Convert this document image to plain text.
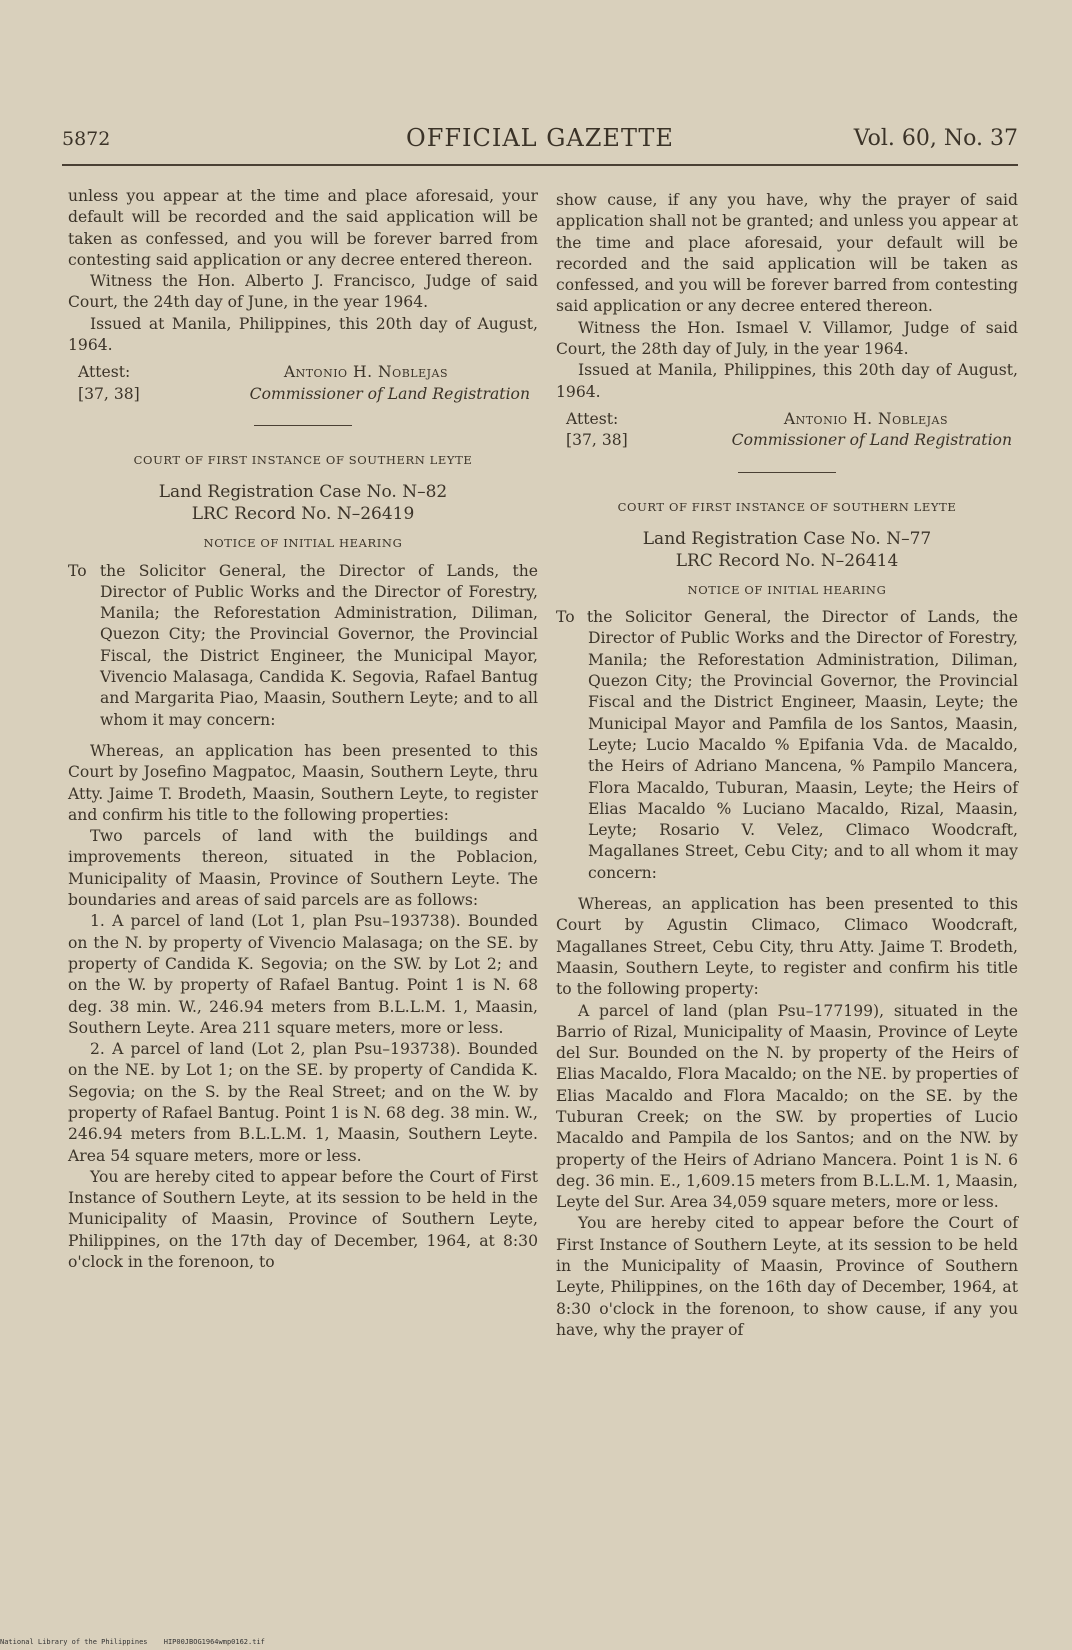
5872	OFFICIAL GAZETTE	Vol. 60, No. 37

unless you appear at the time and place aforesaid, your default will be recorded and the said application will be taken as confessed, and you will be forever barred from contesting said application or any decree entered thereon.

Witness the Hon. Alberto J. Francisco, Judge of said Court, the 24th day of June, in the year 1964.

Issued at Manila, Philippines, this 20th day of August, 1964.

Attest:	Antonio H. Noblejas
[37, 38]	Commissioner of Land Registration
COURT OF FIRST INSTANCE OF SOUTHERN LEYTE
Land Registration Case No. N–82
LRC Record No. N–26419
NOTICE OF INITIAL HEARING

To the Solicitor General, the Director of Lands, the Director of Public Works and the Director of Forestry, Manila; the Reforestation Administration, Diliman, Quezon City; the Provincial Governor, the Provincial Fiscal, the District Engineer, the Municipal Mayor, Vivencio Malasaga, Candida K. Segovia, Rafael Bantug and Margarita Piao, Maasin, Southern Leyte; and to all whom it may concern:

Whereas, an application has been presented to this Court by Josefino Magpatoc, Maasin, Southern Leyte, thru Atty. Jaime T. Brodeth, Maasin, Southern Leyte, to register and confirm his title to the following properties:

Two parcels of land with the buildings and improvements thereon, situated in the Poblacion, Municipality of Maasin, Province of Southern Leyte. The boundaries and areas of said parcels are as follows:

1. A parcel of land (Lot 1, plan Psu–193738). Bounded on the N. by property of Vivencio Malasaga; on the SE. by property of Candida K. Segovia; on the SW. by Lot 2; and on the W. by property of Rafael Bantug. Point 1 is N. 68 deg. 38 min. W., 246.94 meters from B.L.L.M. 1, Maasin, Southern Leyte. Area 211 square meters, more or less.

2. A parcel of land (Lot 2, plan Psu–193738). Bounded on the NE. by Lot 1; on the SE. by property of Candida K. Segovia; on the S. by the Real Street; and on the W. by property of Rafael Bantug. Point 1 is N. 68 deg. 38 min. W., 246.94 meters from B.L.L.M. 1, Maasin, Southern Leyte. Area 54 square meters, more or less.

You are hereby cited to appear before the Court of First Instance of Southern Leyte, at its session to be held in the Municipality of Maasin, Province of Southern Leyte, Philippines, on the 17th day of December, 1964, at 8:30 o'clock in the forenoon, to

show cause, if any you have, why the prayer of said application shall not be granted; and unless you appear at the time and place aforesaid, your default will be recorded and the said application will be taken as confessed, and you will be forever barred from contesting said application or any decree entered thereon.

Witness the Hon. Ismael V. Villamor, Judge of said Court, the 28th day of July, in the year 1964.

Issued at Manila, Philippines, this 20th day of August, 1964.

Attest:	Antonio H. Noblejas
[37, 38]	Commissioner of Land Registration
COURT OF FIRST INSTANCE OF SOUTHERN LEYTE
Land Registration Case No. N–77
LRC Record No. N–26414
NOTICE OF INITIAL HEARING

To the Solicitor General, the Director of Lands, the Director of Public Works and the Director of Forestry, Manila; the Reforestation Administration, Diliman, Quezon City; the Provincial Governor, the Provincial Fiscal and the District Engineer, Maasin, Leyte; the Municipal Mayor and Pamfila de los Santos, Maasin, Leyte; Lucio Macaldo % Epifania Vda. de Macaldo, the Heirs of Adriano Mancena, % Pampilo Mancera, Flora Macaldo, Tuburan, Maasin, Leyte; the Heirs of Elias Macaldo % Luciano Macaldo, Rizal, Maasin, Leyte; Rosario V. Velez, Climaco Woodcraft, Magallanes Street, Cebu City; and to all whom it may concern:

Whereas, an application has been presented to this Court by Agustin Climaco, Climaco Woodcraft, Magallanes Street, Cebu City, thru Atty. Jaime T. Brodeth, Maasin, Southern Leyte, to register and confirm his title to the following property:

A parcel of land (plan Psu–177199), situated in the Barrio of Rizal, Municipality of Maasin, Province of Leyte del Sur. Bounded on the N. by property of the Heirs of Elias Macaldo, Flora Macaldo; on the NE. by properties of Elias Macaldo and Flora Macaldo; on the SE. by the Tuburan Creek; on the SW. by properties of Lucio Macaldo and Pampila de los Santos; and on the NW. by property of the Heirs of Adriano Mancera. Point 1 is N. 6 deg. 36 min. E., 1,609.15 meters from B.L.L.M. 1, Maasin, Leyte del Sur. Area 34,059 square meters, more or less.

You are hereby cited to appear before the Court of First Instance of Southern Leyte, at its session to be held in the Municipality of Maasin, Province of Southern Leyte, Philippines, on the 16th day of December, 1964, at 8:30 o'clock in the forenoon, to show cause, if any you have, why the prayer of

National Library of the Philippines HIP00JBOG1964wmp0162.tif
